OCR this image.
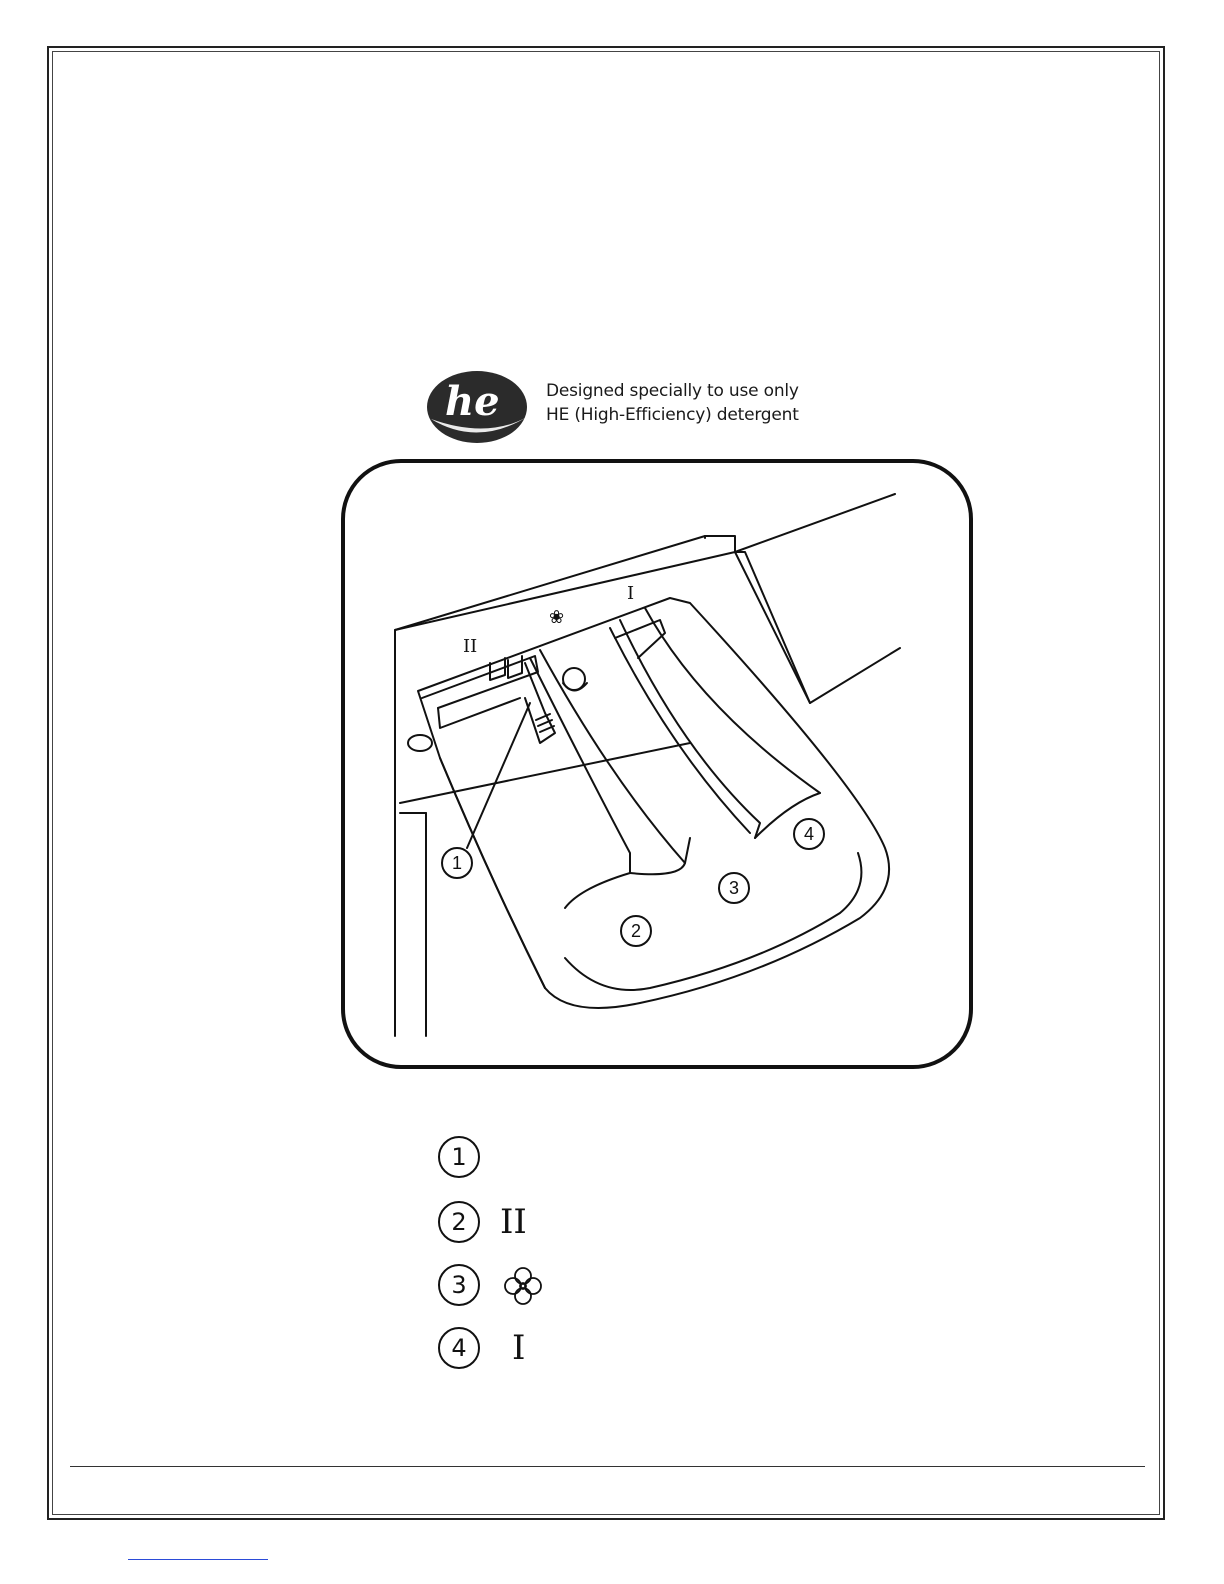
he	Designed specially to use only
HE (High-Efficiency) detergent
II
❀
I
1
2
3
4
1
2 II
3
4	I
